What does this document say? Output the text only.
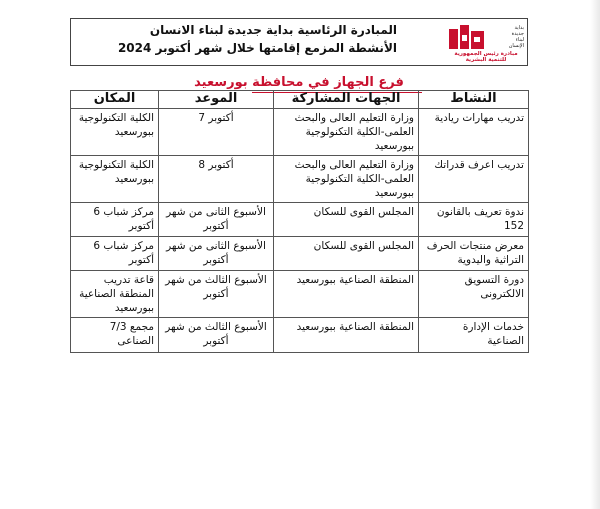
بداية
جديدة
لبناء
الإنسان
مبادرة رئيس الجمهورية
للتنمية البشرية
المبادرة الرئاسية بداية جديدة لبناء الانسان
الأنشطة المزمع إقامتها خلال شهر أكتوبر 2024
فرع الجهاز في محافظة بورسعيد
النشاط	الجهات المشاركة	الموعد	المكان
تدريب مهارات ريادية	وزارة التعليم العالى والبحث العلمى-الكلية التكنولوجية ببورسعيد	أكتوبر 7	الكلية التكنولوجية ببورسعيد
تدريب اعرف قدراتك	وزارة التعليم العالى والبحث العلمى-الكلية التكنولوجية ببورسعيد	أكتوبر 8	الكلية التكنولوجية ببورسعيد
ندوة تعريف بالقانون 152	المجلس القوى للسكان	الأسبوع الثانى من شهر أكتوبر	مركز شباب 6 أكتوبر
معرض منتجات الحرف التراثية واليدوية	المجلس القوى للسكان	الأسبوع الثانى من شهر أكتوبر	مركز شباب 6 أكتوبر
دورة التسويق الالكترونى	المنطقة الصناعية ببورسعيد	الأسبوع الثالث من شهر أكتوبر	قاعة تدريب المنطقة الصناعية ببورسعيد
خدمات الإدارة الصناعية	المنطقة الصناعية ببورسعيد	الأسبوع الثالث من شهر أكتوبر	مجمع 7/3 الصناعى
